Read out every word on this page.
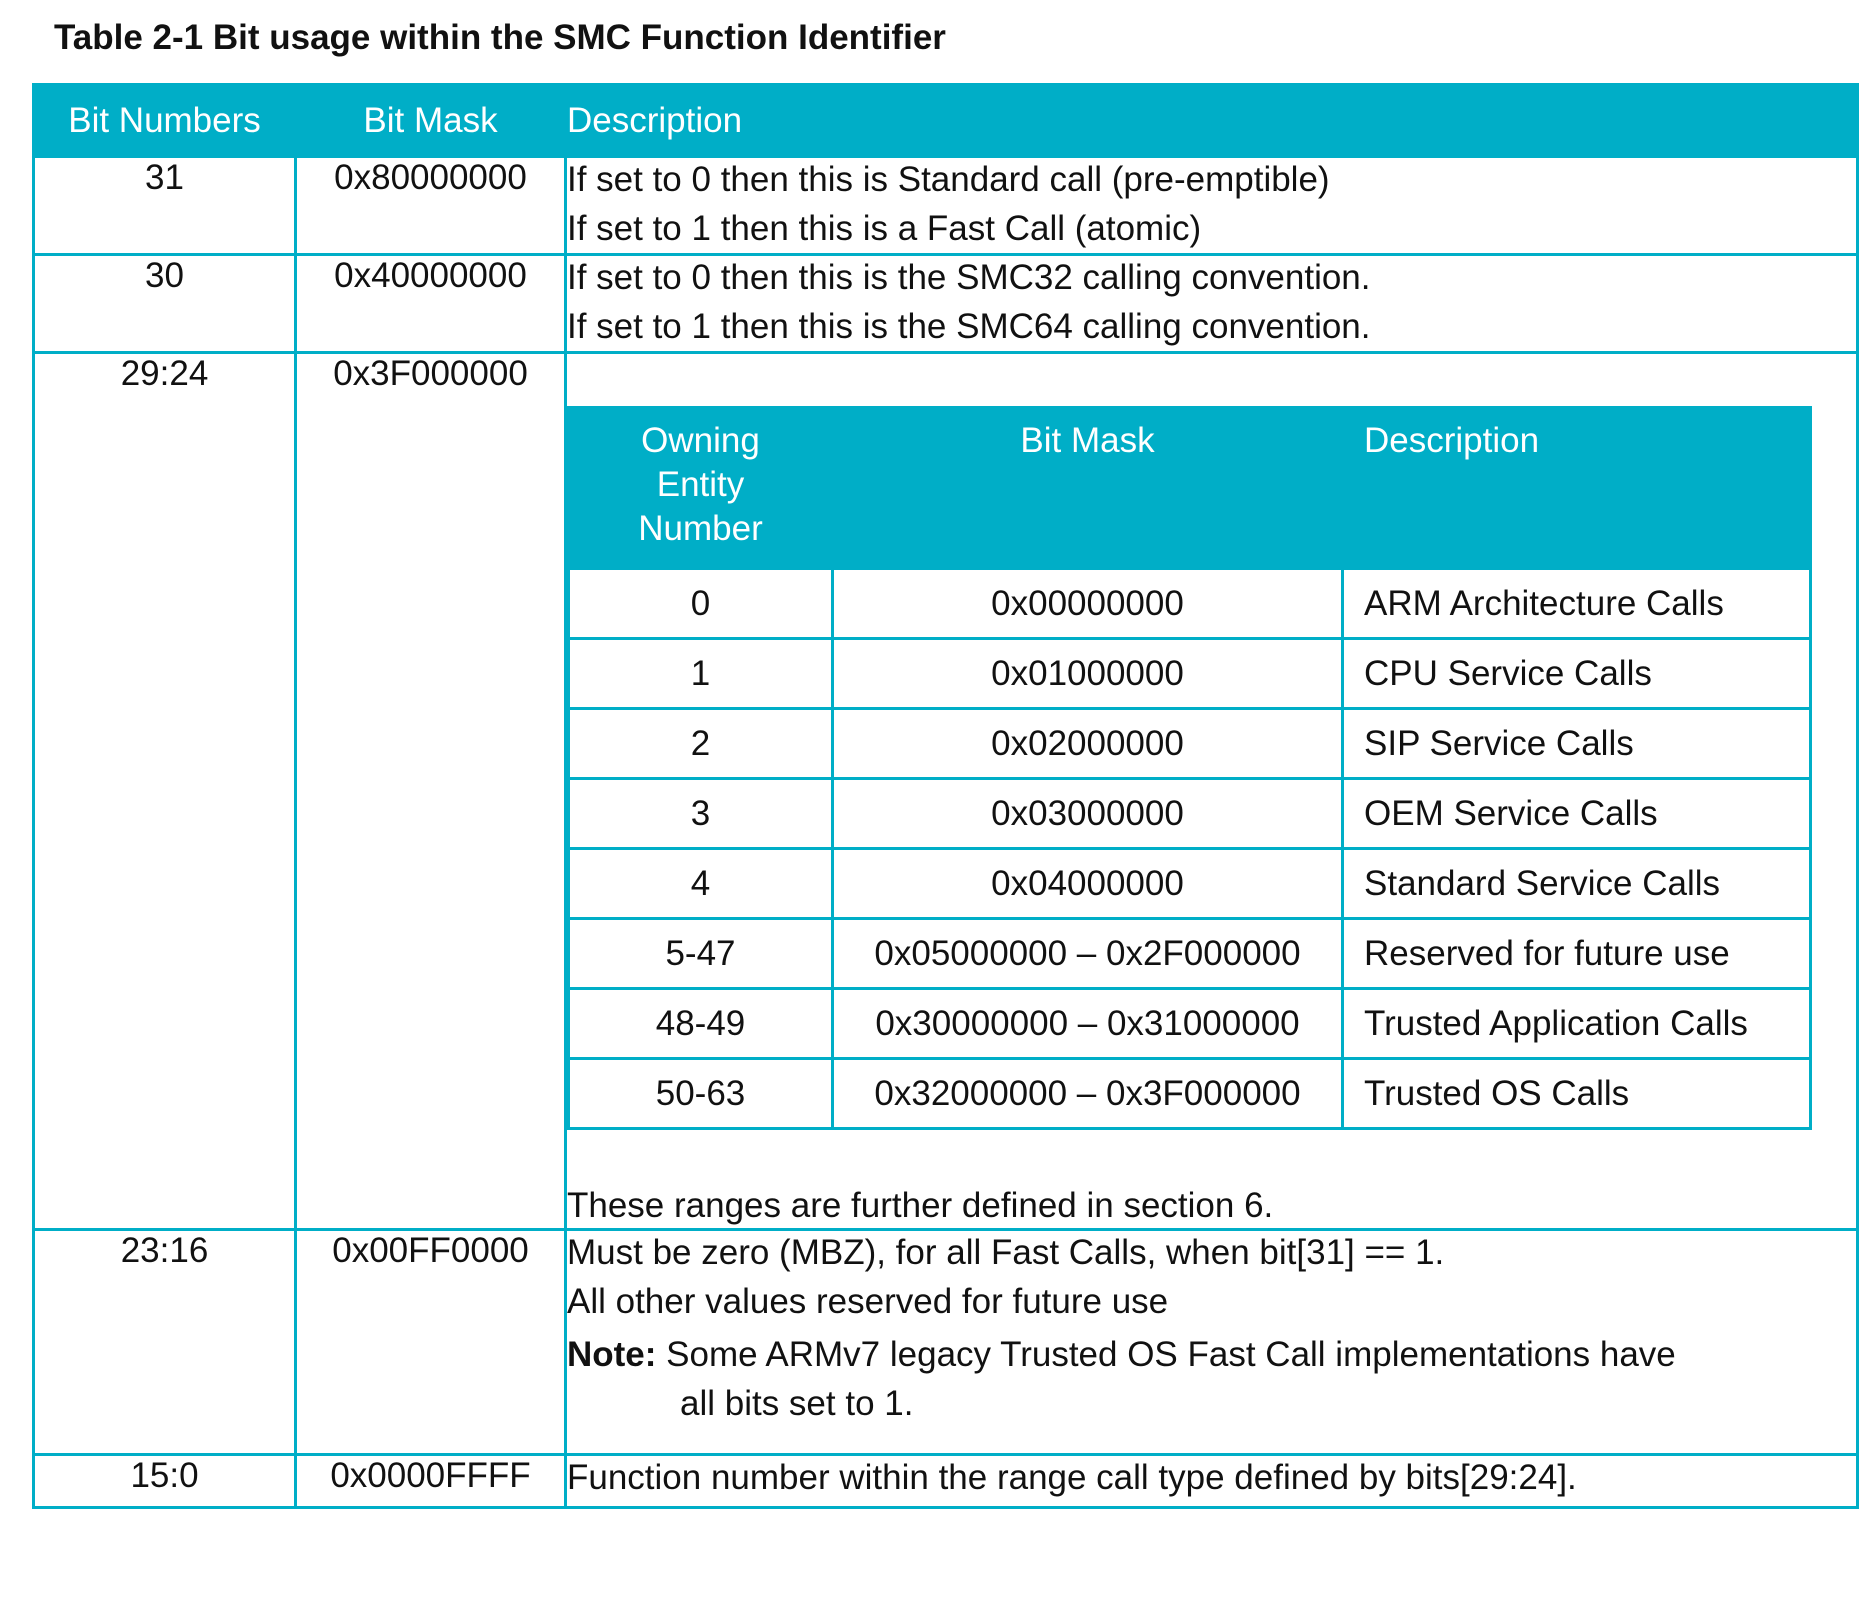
Table 2-1 Bit usage within the SMC Function Identifier
Bit Numbers	Bit Mask	Description
31	0x80000000	If set to 0 then this is Standard call (pre-emptible)
If set to 1 then this is a Fast Call (atomic)

30	0x40000000	If set to 0 then this is the SMC32 calling convention.
If set to 1 then this is the SMC64 calling convention.

29:24	0x3F000000	
Owning
Entity
Number
	Bit Mask	Description
0	0x00000000	ARM Architecture Calls
1	0x01000000	CPU Service Calls
2	0x02000000	SIP Service Calls
3	0x03000000	OEM Service Calls
4	0x04000000	Standard Service Calls
5-47	0x05000000 – 0x2F000000	Reserved for future use
48-49	0x30000000 – 0x31000000	Trusted Application Calls
50-63	0x32000000 – 0x3F000000	Trusted OS Calls
These ranges are further defined in section 6.

23:16	0x00FF0000	Must be zero (MBZ), for all Fast Calls, when bit[31] == 1.
All other values reserved for future use
Note: Some ARMv7 legacy Trusted OS Fast Call implementations have
all bits set to 1.

15:0	0x0000FFFF	Function number within the range call type defined by bits[29:24].
